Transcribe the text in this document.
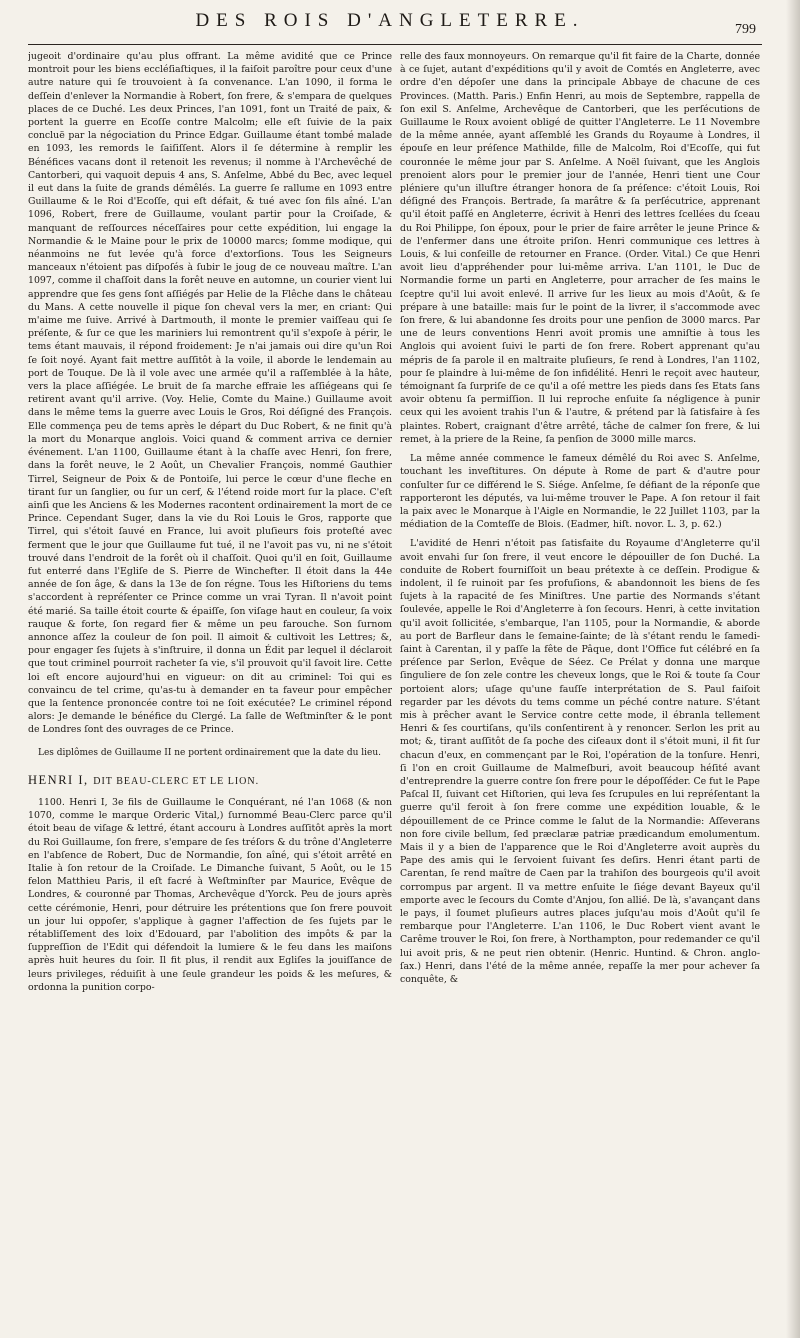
DES ROIS D'ANGLETERRE.	799

jugeoit d'ordinaire qu'au plus offrant. La même avidité que ce Prince montroit pour les biens eccléſiaſtiques, il la faiſoit paroître pour ceux d'une autre nature qui ſe trouvoient à ſa convenance. L'an 1090, il forma le deſſein d'enlever la Normandie à Robert, ſon frere, & s'empara de quelques places de ce Duché. Les deux Princes, l'an 1091, font un Traité de paix, & portent la guerre en Ecoſſe contre Malcolm; elle eſt ſuivie de la paix concluë par la négociation du Prince Edgar. Guillaume étant tombé malade en 1093, les remords le ſaiſiſſent. Alors il ſe détermine à remplir les Bénéfices vacans dont il retenoit les revenus; il nomme à l'Archevêché de Cantorberi, qui vaquoit depuis 4 ans, S. Anſelme, Abbé du Bec, avec lequel il eut dans la ſuite de grands démêlés. La guerre ſe rallume en 1093 entre Guillaume & le Roi d'Ecoſſe, qui eſt défait, & tué avec ſon fils aîné. L'an 1096, Robert, frere de Guillaume, voulant partir pour la Croiſade, & manquant de reſſources néceſſaires pour cette expédition, lui engage la Normandie & le Maine pour le prix de 10000 marcs; ſomme modique, qui néanmoins ne fut levée qu'à force d'extorſions. Tous les Seigneurs manceaux n'étoient pas diſpoſés à ſubir le joug de ce nouveau maître. L'an 1097, comme il chaſſoit dans la forêt neuve en automne, un courier vient lui apprendre que ſes gens ſont aſſiégés par Helie de la Flêche dans le château du Mans. A cette nouvelle il pique ſon cheval vers la mer, en criant: Qui m'aime me ſuive. Arrivé à Dartmouth, il monte le premier vaiſſeau qui ſe préſente, & ſur ce que les mariniers lui remontrent qu'il s'expoſe à périr, le tems étant mauvais, il répond froidement: Je n'ai jamais oui dire qu'un Roi ſe ſoit noyé. Ayant fait mettre auſſitôt à la voile, il aborde le lendemain au port de Touque. De là il vole avec une armée qu'il a raſſemblée à la hâte, vers la place aſſiégée. Le bruit de ſa marche effraie les aſſiégeans qui ſe retirent avant qu'il arrive. (Voy. Helie, Comte du Maine.) Guillaume avoit dans le même tems la guerre avec Louis le Gros, Roi déſigné des François. Elle commença peu de tems après le départ du Duc Robert, & ne finit qu'à la mort du Monarque anglois. Voici quand & comment arriva ce dernier événement. L'an 1100, Guillaume étant à la chaſſe avec Henri, ſon frere, dans la forêt neuve, le 2 Août, un Chevalier François, nommé Gauthier Tirrel, Seigneur de Poix & de Pontoiſe, lui perce le cœur d'une fleche en tirant ſur un ſanglier, ou ſur un cerf, & l'étend roide mort ſur la place. C'eſt ainſi que les Anciens & les Modernes racontent ordinairement la mort de ce Prince. Cependant Suger, dans la vie du Roi Louis le Gros, rapporte que Tirrel, qui s'étoit ſauvé en France, lui avoit pluſieurs fois proteſté avec ferment que le jour que Guillaume fut tué, il ne l'avoit pas vu, ni ne s'étoit trouvé dans l'endroit de la forêt où il chaſſoit. Quoi qu'il en ſoit, Guillaume fut enterré dans l'Egliſe de S. Pierre de Winchefter. Il étoit dans la 44e année de ſon âge, & dans la 13e de ſon régne. Tous les Hiſtoriens du tems s'accordent à repréſenter ce Prince comme un vrai Tyran. Il n'avoit point été marié. Sa taille étoit courte & épaiſſe, ſon viſage haut en couleur, ſa voix rauque & forte, ſon regard fier & même un peu farouche. Son ſurnom annonce aſſez la couleur de ſon poil. Il aimoit & cultivoit les Lettres; &, pour engager ſes ſujets à s'inſtruire, il donna un Édit par lequel il déclaroit que tout criminel pourroit racheter ſa vie, s'il prouvoit qu'il ſavoit lire. Cette loi eſt encore aujourd'hui en vigueur: on dit au criminel: Toi qui es convaincu de tel crime, qu'as-tu à demander en ta faveur pour empêcher que la ſentence prononcée contre toi ne ſoit exécutée? Le criminel répond alors: Je demande le bénéfice du Clergé. La ſalle de Weſtminſter & le pont de Londres ſont des ouvrages de ce Prince.

Les diplômes de Guillaume II ne portent ordinairement que la date du lieu.

HENRI I, DIT BEAU-CLERC ET LE LION.

1100. Henri I, 3e fils de Guillaume le Conquérant, né l'an 1068 (& non 1070, comme le marque Orderic Vital,) ſurnommé Beau-Clerc parce qu'il étoit beau de viſage & lettré, étant accouru à Londres auſſitôt après la mort du Roi Guillaume, ſon frere, s'empare de ſes tréſors & du trône d'Angleterre en l'abſence de Robert, Duc de Normandie, ſon aîné, qui s'étoit arrêté en Italie à ſon retour de la Croiſade. Le Dimanche ſuivant, 5 Août, ou le 15 felon Matthieu Paris, il eſt facré à Weſtminſter par Maurice, Evêque de Londres, & couronné par Thomas, Archevêque d'Yorck. Peu de jours après cette cérémonie, Henri, pour détruire les prétentions que ſon frere pouvoit un jour lui oppoſer, s'applique à gagner l'affection de ſes ſujets par le rétabliſſement des loix d'Edouard, par l'abolition des impôts & par la ſuppreſſion de l'Edit qui défendoit la lumiere & le feu dans les maiſons après huit heures du ſoir. Il fit plus, il rendit aux Egliſes la jouiſſance de leurs privileges, réduiſit à une ſeule grandeur les poids & les meſures, & ordonna la punition corpo-

relle des faux monnoyeurs. On remarque qu'il fit faire de la Charte, donnée à ce ſujet, autant d'expéditions qu'il y avoit de Comtés en Angleterre, avec ordre d'en dépoſer une dans la principale Abbaye de chacune de ces Provinces. (Matth. Paris.) Enfin Henri, au mois de Septembre, rappella de ſon exil S. Anſelme, Archevêque de Cantorberi, que les perſécutions de Guillaume le Roux avoient obligé de quitter l'Angleterre. Le 11 Novembre de la même année, ayant aſſemblé les Grands du Royaume à Londres, il épouſe en leur préſence Mathilde, fille de Malcolm, Roi d'Ecoſſe, qui fut couronnée le même jour par S. Anſelme. A Noël ſuivant, que les Anglois prenoient alors pour le premier jour de l'année, Henri tient une Cour pléniere qu'un illuſtre étranger honora de ſa préſence: c'étoit Louis, Roi déſigné des François. Bertrade, ſa marâtre & ſa perſécutrice, apprenant qu'il étoit paſſé en Angleterre, écrivit à Henri des lettres ſcellées du ſceau du Roi Philippe, ſon époux, pour le prier de faire arrêter le jeune Prince & de l'enfermer dans une étroite priſon. Henri communique ces lettres à Louis, & lui conſeille de retourner en France. (Order. Vital.) Ce que Henri avoit lieu d'appréhender pour lui-même arriva. L'an 1101, le Duc de Normandie forme un parti en Angleterre, pour arracher de ſes mains le ſceptre qu'il lui avoit enlevé. Il arrive ſur les lieux au mois d'Août, & ſe prépare à une bataille: mais ſur le point de la livrer, il s'accommode avec ſon frere, & lui abandonne ſes droits pour une penſion de 3000 marcs. Par une de leurs conventions Henri avoit promis une amniſtie à tous les Anglois qui avoient ſuivi le parti de ſon frere. Robert apprenant qu'au mépris de ſa parole il en maltraite pluſieurs, ſe rend à Londres, l'an 1102, pour ſe plaindre à lui-même de ſon infidélité. Henri le reçoit avec hauteur, témoignant ſa ſurpriſe de ce qu'il a oſé mettre les pieds dans ſes Etats ſans avoir obtenu ſa permiſſion. Il lui reproche enſuite ſa négligence à punir ceux qui les avoient trahis l'un & l'autre, & prétend par là ſatisfaire à ſes plaintes. Robert, craignant d'être arrêté, tâche de calmer ſon frere, & lui remet, à la priere de la Reine, ſa penſion de 3000 mille marcs.

La même année commence le fameux démêlé du Roi avec S. Anſelme, touchant les inveſtitures. On députe à Rome de part & d'autre pour conſulter ſur ce différend le S. Siége. Anſelme, ſe défiant de la réponſe que rapporteront les députés, va lui-même trouver le Pape. A ſon retour il fait la paix avec le Monarque à l'Aigle en Normandie, le 22 Juillet 1103, par la médiation de la Comteſſe de Blois. (Eadmer, hiſt. novor. L. 3, p. 62.)

L'avidité de Henri n'étoit pas ſatisfaite du Royaume d'Angleterre qu'il avoit envahi ſur ſon frere, il veut encore le dépouiller de ſon Duché. La conduite de Robert fourniſſoit un beau prétexte à ce deſſein. Prodigue & indolent, il ſe ruinoit par ſes profuſions, & abandonnoit les biens de ſes ſujets à la rapacité de ſes Miniſtres. Une partie des Normands s'étant ſoulevée, appelle le Roi d'Angleterre à ſon ſecours. Henri, à cette invitation qu'il avoit ſollicitée, s'embarque, l'an 1105, pour la Normandie, & aborde au port de Barfleur dans le ſemaine-ſainte; de là s'étant rendu le ſamedi-ſaint à Carentan, il y paſſe la fête de Pâque, dont l'Office fut célébré en ſa préſence par Serlon, Evêque de Séez. Ce Prélat y donna une marque ſinguliere de ſon zele contre les cheveux longs, que le Roi & toute ſa Cour portoient alors; uſage qu'une fauſſe interprétation de S. Paul faiſoit regarder par les dévots du tems comme un péché contre nature. S'étant mis à prêcher avant le Service contre cette mode, il ébranla tellement Henri & ſes courtiſans, qu'ils conſentirent à y renoncer. Serlon les prit au mot; &, tirant auſſitôt de ſa poche des ciſeaux dont il s'étoit muni, il fit ſur chacun d'eux, en commençant par le Roi, l'opération de la tonſure. Henri, ſi l'on en croit Guillaume de Malmeſburi, avoit beaucoup héſité avant d'entreprendre la guerre contre ſon frere pour le dépoſſéder. Ce fut le Pape Paſcal II, ſuivant cet Hiſtorien, qui leva ſes ſcrupules en lui repréſentant la guerre qu'il feroit à ſon frere comme une expédition louable, & le dépouillement de ce Prince comme le ſalut de la Normandie: Aſſeverans non fore civile bellum, ſed præclaræ patriæ prædicandum emolumentum. Mais il y a bien de l'apparence que le Roi d'Angleterre avoit auprès du Pape des amis qui le ſervoient ſuivant ſes deſirs. Henri étant parti de Carentan, ſe rend maître de Caen par la trahiſon des bourgeois qu'il avoit corrompus par argent. Il va mettre enſuite le ſiége devant Bayeux qu'il emporte avec le ſecours du Comte d'Anjou, ſon allié. De là, s'avançant dans le pays, il ſoumet pluſieurs autres places juſqu'au mois d'Août qu'il ſe rembarque pour l'Angleterre. L'an 1106, le Duc Robert vient avant le Carême trouver le Roi, ſon frere, à Northampton, pour redemander ce qu'il lui avoit pris, & ne peut rien obtenir. (Henric. Huntind. & Chron. anglo-ſax.) Henri, dans l'été de la même année, repaſſe la mer pour achever ſa conquête, &
